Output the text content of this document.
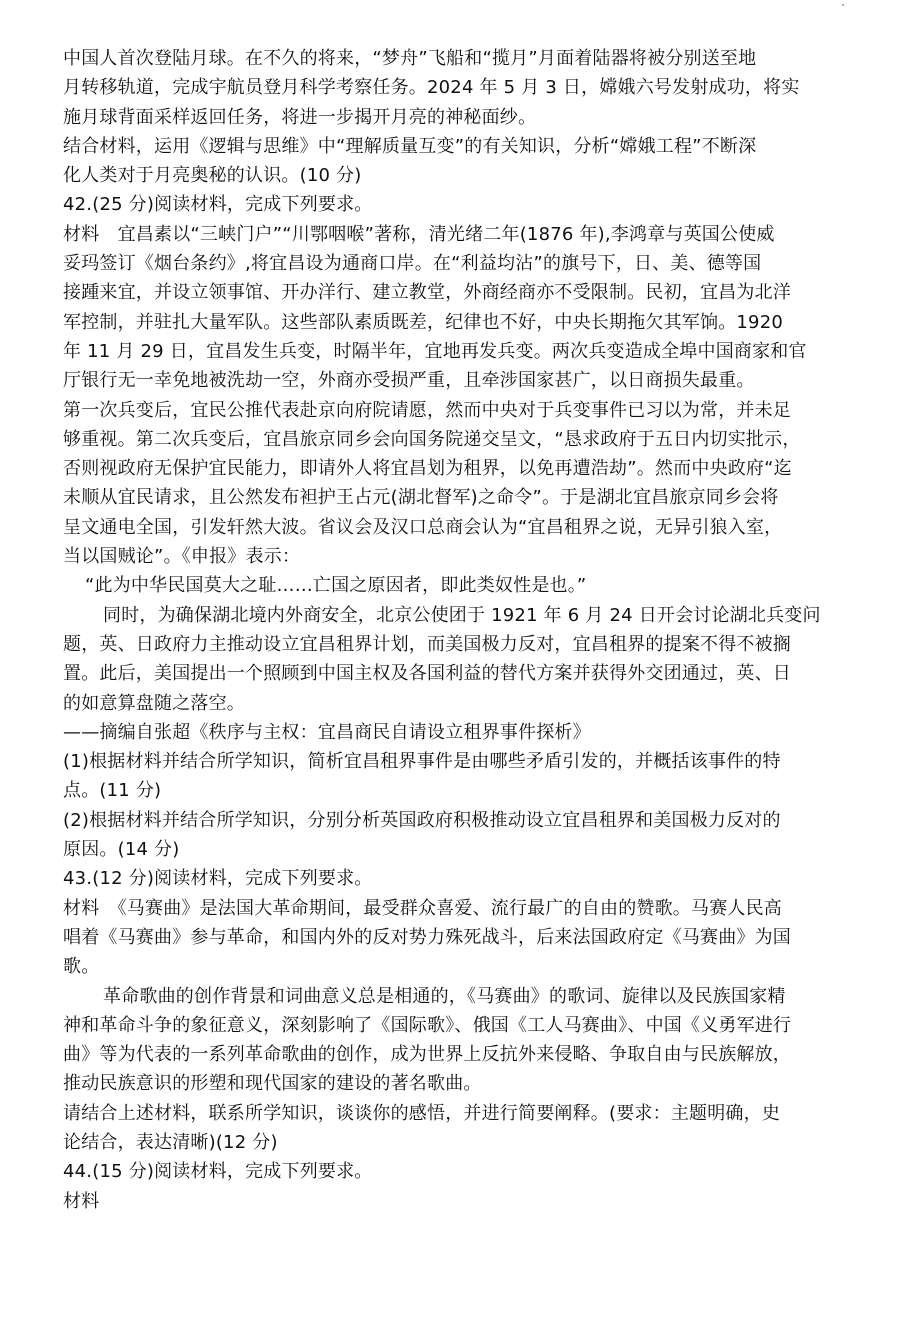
中国人首次登陆月球。在不久的将来，“梦舟”飞船和“揽月”月面着陆器将被分别送至地
月转移轨道，完成宇航员登月科学考察任务。2024 年 5 月 3 日，嫦娥六号发射成功，将实
施月球背面采样返回任务，将进一步揭开月亮的神秘面纱。
结合材料，运用《逻辑与思维》中“理解质量互变”的有关知识，分析“嫦娥工程”不断深
化人类对于月亮奥秘的认识。(10 分)
42.(25 分)阅读材料，完成下列要求。
材料　宜昌素以“三峡门户”“川鄂咽喉”著称，清光绪二年(1876 年),李鸿章与英国公使威
妥玛签订《烟台条约》,将宜昌设为通商口岸。在“利益均沾”的旗号下，日、美、德等国
接踵来宜，并设立领事馆、开办洋行、建立教堂，外商经商亦不受限制。民初，宜昌为北洋
军控制，并驻扎大量军队。这些部队素质既差，纪律也不好，中央长期拖欠其军饷。1920
年 11 月 29 日，宜昌发生兵变，时隔半年，宜地再发兵变。两次兵变造成全埠中国商家和官
厅银行无一幸免地被洗劫一空，外商亦受损严重，且牵涉国家甚广，以日商损失最重。
第一次兵变后，宜民公推代表赴京向府院请愿，然而中央对于兵变事件已习以为常，并未足
够重视。第二次兵变后，宜昌旅京同乡会向国务院递交呈文，“恳求政府于五日内切实批示，
否则视政府无保护宜民能力，即请外人将宜昌划为租界，以免再遭浩劫”。然而中央政府“迄
未顺从宜民请求，且公然发布袒护王占元(湖北督军)之命令”。于是湖北宜昌旅京同乡会将
呈文通电全国，引发轩然大波。省议会及汉口总商会认为“宜昌租界之说，无异引狼入室，
当以国贼论”。《申报》表示：
“此为中华民国莫大之耻……亡国之原因者，即此类奴性是也。”
同时，为确保湖北境内外商安全，北京公使团于 1921 年 6 月 24 日开会讨论湖北兵变问
题，英、日政府力主推动设立宜昌租界计划，而美国极力反对，宜昌租界的提案不得不被搁
置。此后，美国提出一个照顾到中国主权及各国利益的替代方案并获得外交团通过，英、日
的如意算盘随之落空。
——摘编自张超《秩序与主权：宜昌商民自请设立租界事件探析》
(1)根据材料并结合所学知识，简析宜昌租界事件是由哪些矛盾引发的，并概括该事件的特
点。(11 分)
(2)根据材料并结合所学知识，分别分析英国政府积极推动设立宜昌租界和美国极力反对的
原因。(14 分)
43.(12 分)阅读材料，完成下列要求。
材料　《马赛曲》是法国大革命期间，最受群众喜爱、流行最广的自由的赞歌。马赛人民高
唱着《马赛曲》参与革命，和国内外的反对势力殊死战斗，后来法国政府定《马赛曲》为国
歌。
革命歌曲的创作背景和词曲意义总是相通的，《马赛曲》的歌词、旋律以及民族国家精
神和革命斗争的象征意义，深刻影响了《国际歌》、俄国《工人马赛曲》、中国《义勇军进行
曲》等为代表的一系列革命歌曲的创作，成为世界上反抗外来侵略、争取自由与民族解放，
推动民族意识的形塑和现代国家的建设的著名歌曲。
请结合上述材料，联系所学知识，谈谈你的感悟，并进行简要阐释。(要求：主题明确，史
论结合，表达清晰)(12 分)
44.(15 分)阅读材料，完成下列要求。
材料
